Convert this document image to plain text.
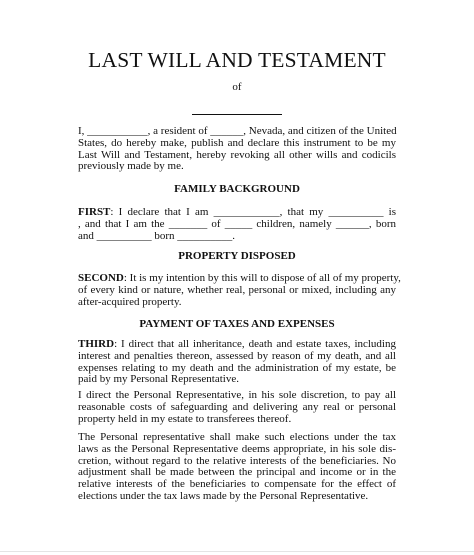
LAST WILL AND TESTAMENT
of
I, ___________, a resident of ______, Nevada, and citizen of the United
States, do hereby make, publish and declare this instrument to be my
Last Will and Testament, hereby revoking all other wills and codicils
previously made by me.
FAMILY BACKGROUND
FIRST: I declare that I am ____________, that my __________ is
, and that I am the _______ of _____ children, namely ______, born
and __________ born __________.
PROPERTY DISPOSED
SECOND: It is my intention by this will to dispose of all of my property,
of every kind or nature, whether real, personal or mixed, including any
after-acquired property.
PAYMENT OF TAXES AND EXPENSES
THIRD: I direct that all inheritance, death and estate taxes, including
interest and penalties thereon, assessed by reason of my death, and all
expenses relating to my death and the administration of my estate, be
paid by my Personal Representative.
I direct the Personal Representative, in his sole discretion, to pay all
reasonable costs of safeguarding and delivering any real or personal
property held in my estate to transferees thereof.
The Personal representative shall make such elections under the tax
laws as the Personal Representative deems appropriate, in his sole dis-
cretion, without regard to the relative interests of the beneficiaries. No
adjustment shall be made between the principal and income or in the
relative interests of the beneficiaries to compensate for the effect of
elections under the tax laws made by the Personal Representative.
